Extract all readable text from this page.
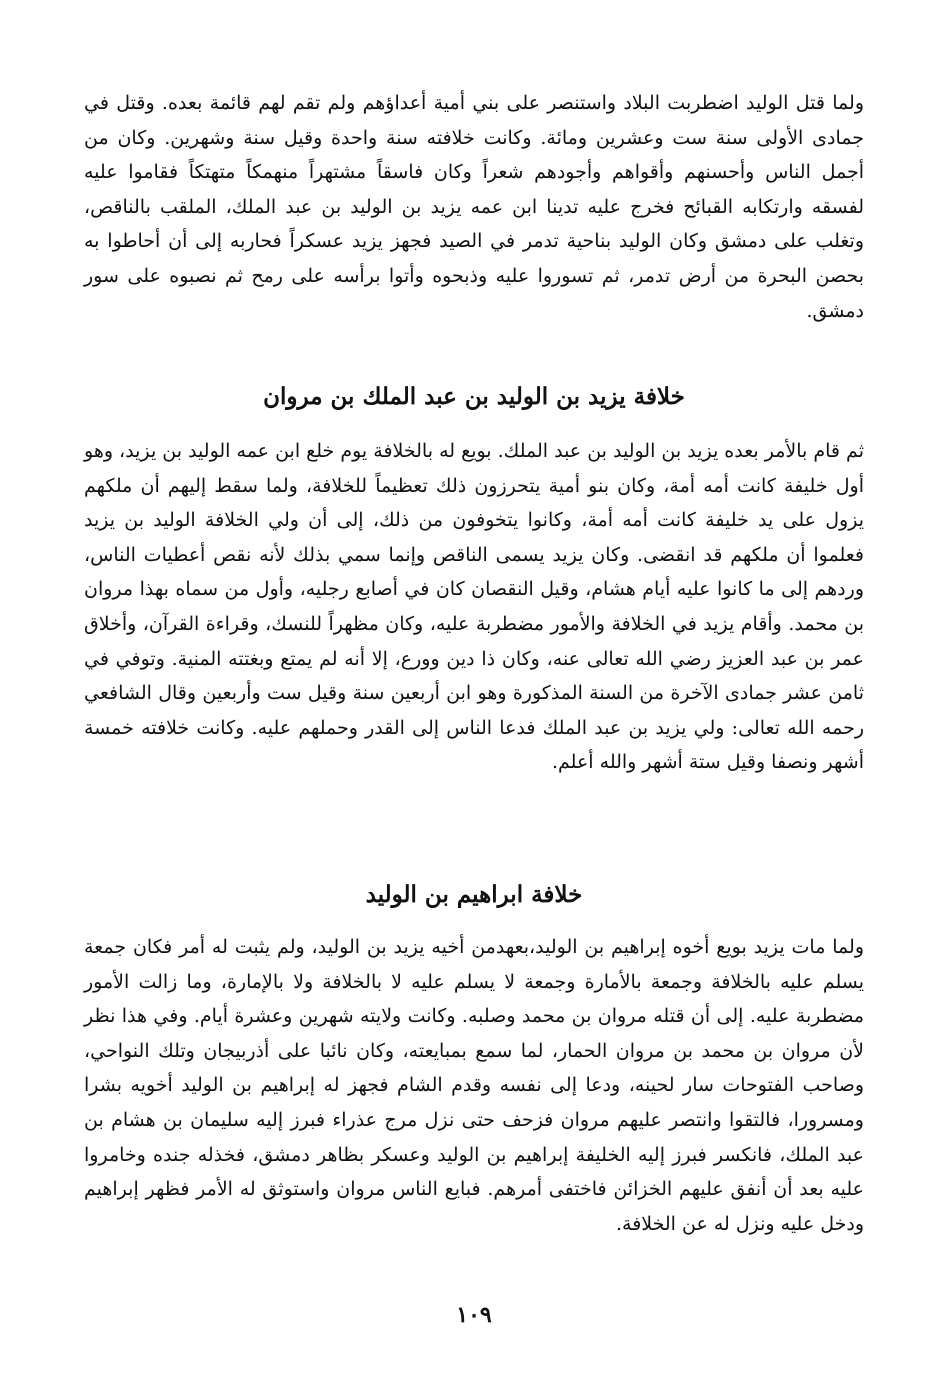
ولما قتل الوليد اضطربت البلاد واستنصر على بني أمية أعداؤهم ولم تقم لهم قائمة بعده. وقتل في جمادى الأولى سنة ست وعشرين ومائة. وكانت خلافته سنة واحدة وقيل سنة وشهرين. وكان من أجمل الناس وأحسنهم وأقواهم وأجودهم شعراً وكان فاسقاً مشتهراً منهمكاً متهتكاً فقاموا عليه لفسقه وارتكابه القبائح فخرج عليه تدينا ابن عمه يزيد بن الوليد بن عبد الملك، الملقب بالناقص، وتغلب على دمشق وكان الوليد بناحية تدمر في الصيد فجهز يزيد عسكراً فحاربه إلى أن أحاطوا به بحصن البحرة من أرض تدمر، ثم تسوروا عليه وذبحوه وأتوا برأسه على رمح ثم نصبوه على سور دمشق.

خلافة يزيد بن الوليد بن عبد الملك بن مروان

ثم قام بالأمر بعده يزيد بن الوليد بن عبد الملك. بويع له بالخلافة يوم خلع ابن عمه الوليد بن يزيد، وهو أول خليفة كانت أمه أمة، وكان بنو أمية يتحرزون ذلك تعظيماً للخلافة، ولما سقط إليهم أن ملكهم يزول على يد خليفة كانت أمه أمة، وكانوا يتخوفون من ذلك، إلى أن ولي الخلافة الوليد بن يزيد فعلموا أن ملكهم قد انقضى. وكان يزيد يسمى الناقص وإنما سمي بذلك لأنه نقص أعطيات الناس، وردهم إلى ما كانوا عليه أيام هشام، وقيل النقصان كان في أصابع رجليه، وأول من سماه بهذا مروان بن محمد. وأقام يزيد في الخلافة والأمور مضطربة عليه، وكان مظهراً للنسك، وقراءة القرآن، وأخلاق عمر بن عبد العزيز رضي الله تعالى عنه، وكان ذا دين وورع، إلا أنه لم يمتع وبغتته المنية. وتوفي في ثامن عشر جمادى الآخرة من السنة المذكورة وهو ابن أربعين سنة وقيل ست وأربعين وقال الشافعي رحمه الله تعالى: ولي يزيد بن عبد الملك فدعا الناس إلى القدر وحملهم عليه. وكانت خلافته خمسة أشهر ونصفا وقيل ستة أشهر والله أعلم.

خلافة ابراهيم بن الوليد

ولما مات يزيد بويع أخوه إبراهيم بن الوليد،بعهدمن أخيه يزيد بن الوليد، ولم يثبت له أمر فكان جمعة يسلم عليه بالخلافة وجمعة بالأمارة وجمعة لا يسلم عليه لا بالخلافة ولا بالإمارة، وما زالت الأمور مضطربة عليه. إلى أن قتله مروان بن محمد وصلبه. وكانت ولايته شهرين وعشرة أيام. وفي هذا نظر لأن مروان بن محمد بن مروان الحمار، لما سمع بمبايعته، وكان نائبا على أذربيجان وتلك النواحي، وصاحب الفتوحات سار لحينه، ودعا إلى نفسه وقدم الشام فجهز له إبراهيم بن الوليد أخويه بشرا ومسرورا، فالتقوا وانتصر عليهم مروان فزحف حتى نزل مرج عذراء فبرز إليه سليمان بن هشام بن عبد الملك، فانكسر فبرز إليه الخليفة إبراهيم بن الوليد وعسكر بظاهر دمشق، فخذله جنده وخامروا عليه بعد أن أنفق عليهم الخزائن فاختفى أمرهم. فبايع الناس مروان واستوثق له الأمر فظهر إبراهيم ودخل عليه ونزل له عن الخلافة.

١٠٩
